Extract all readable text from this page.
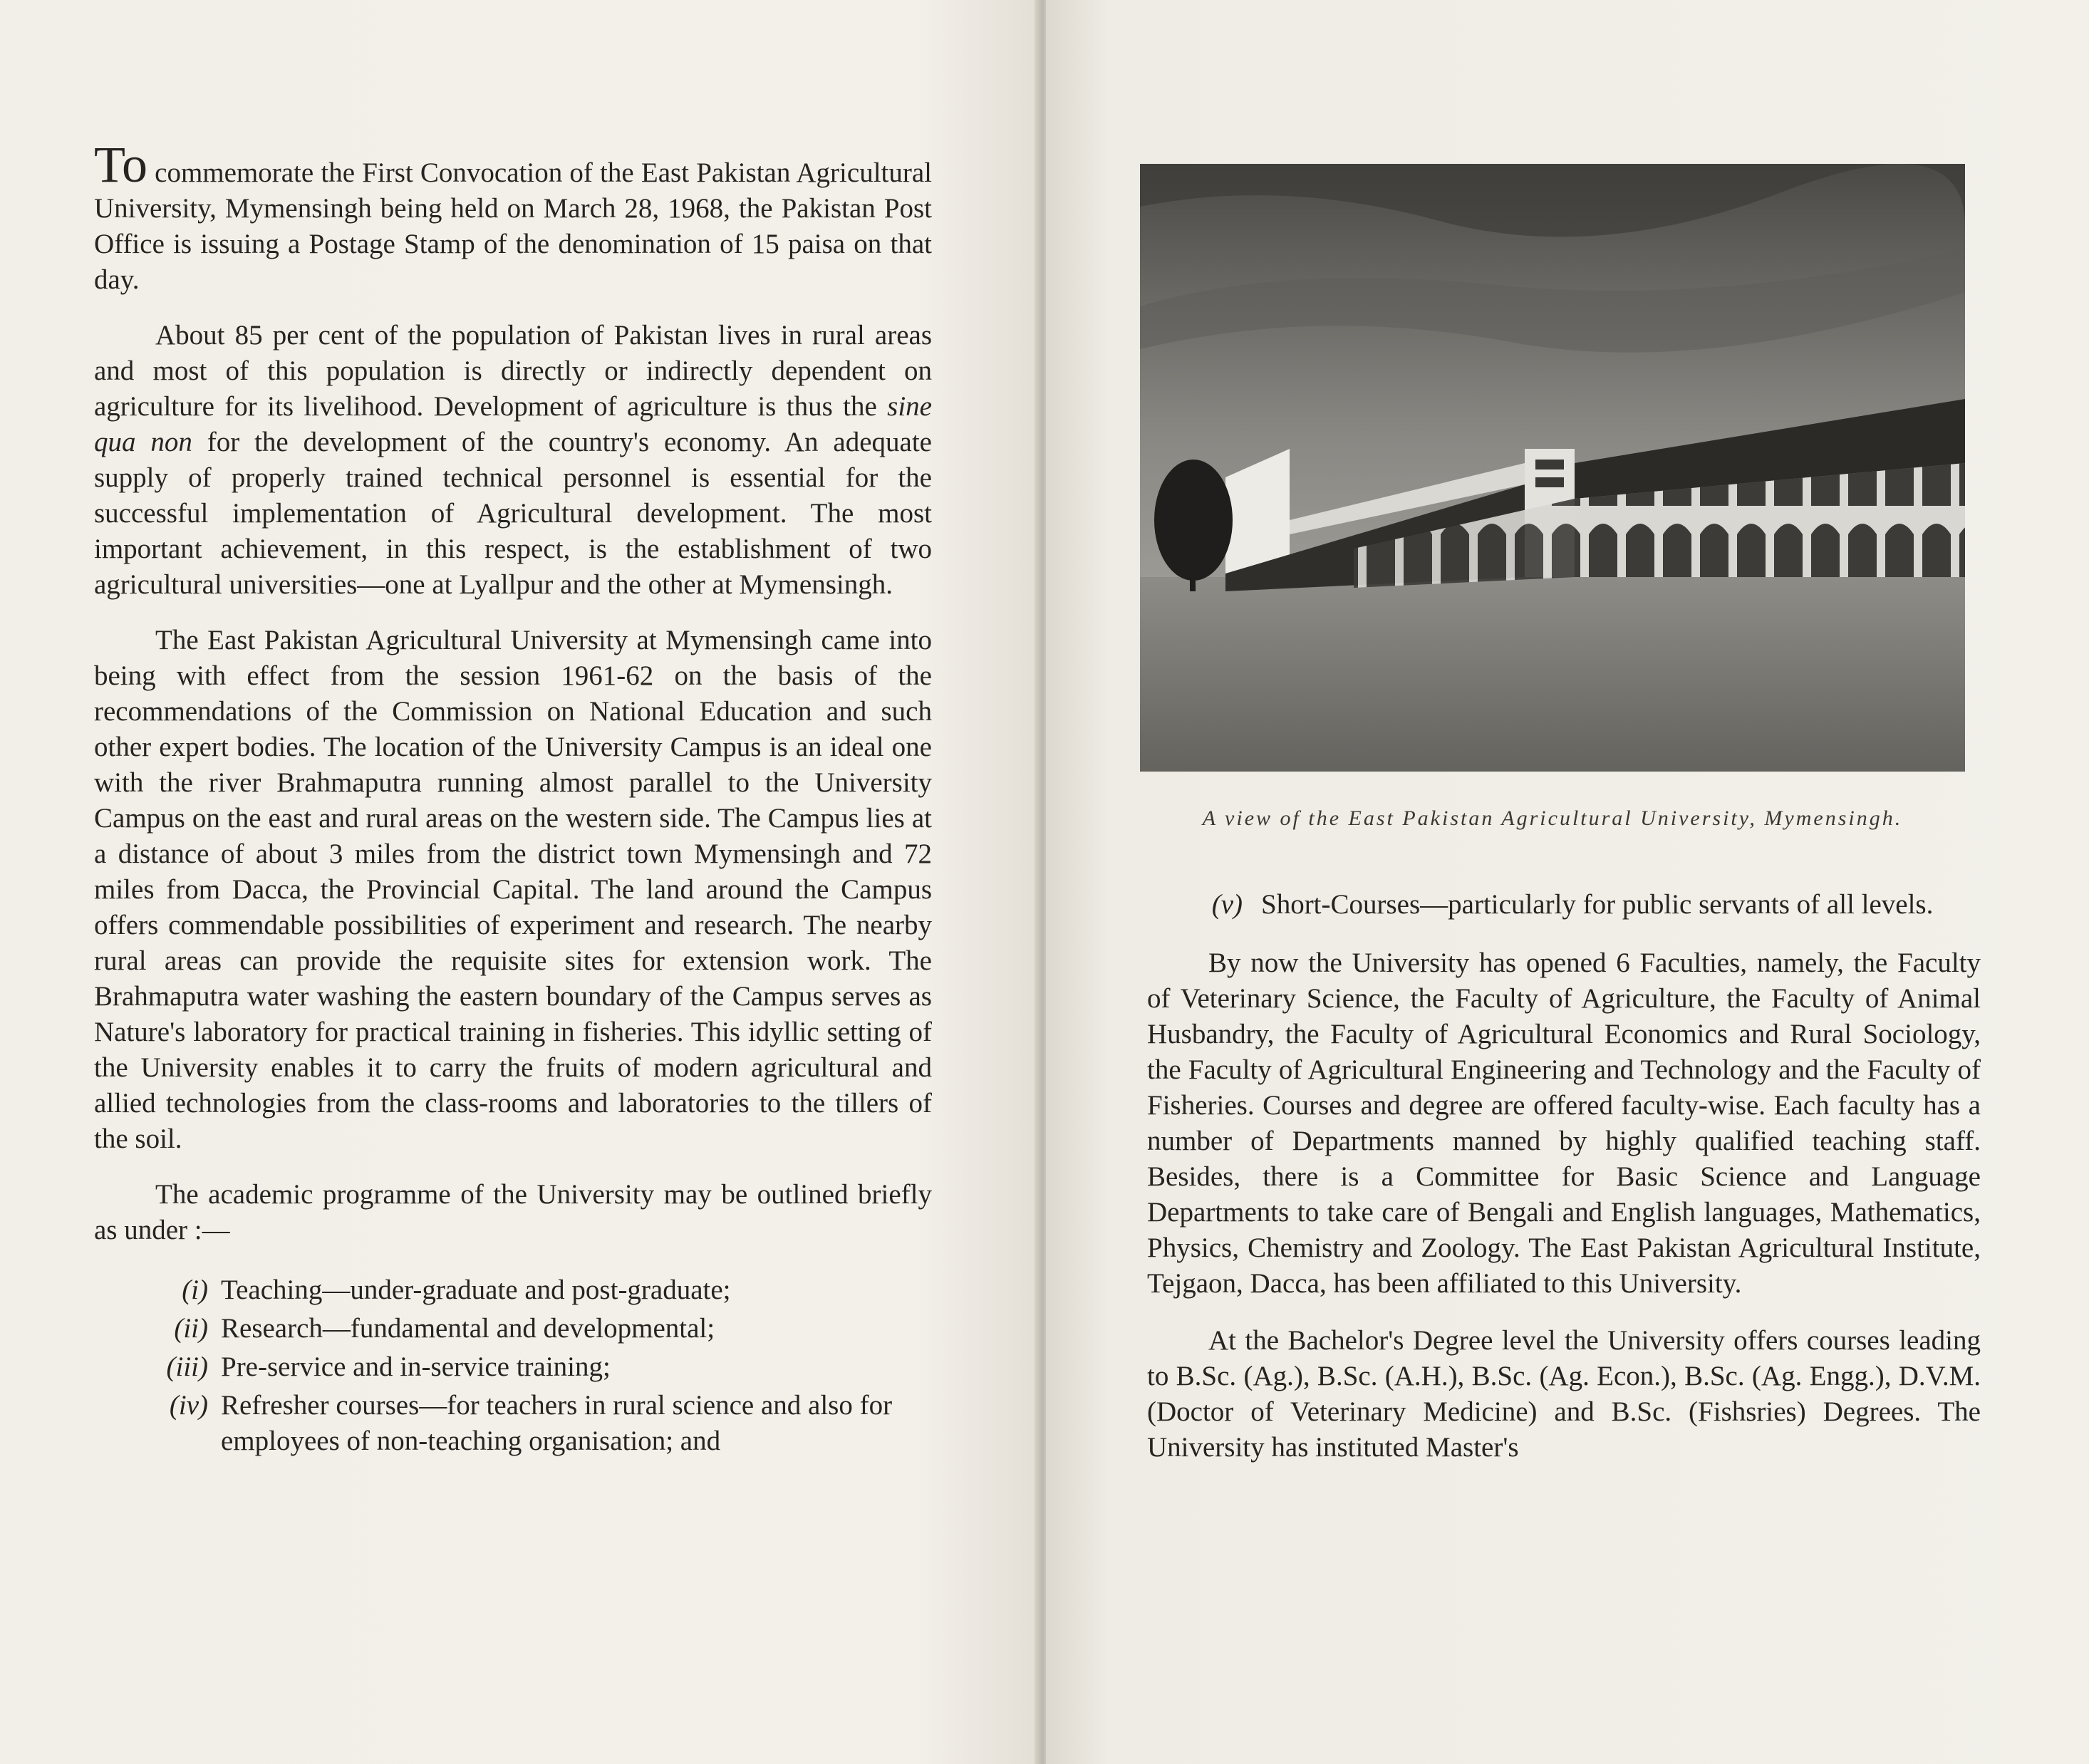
To commemorate the First Convocation of the East Pakistan Agricultural University, Mymensingh being held on March 28, 1968, the Pakistan Post Office is issuing a Postage Stamp of the denomination of 15 paisa on that day.

About 85 per cent of the population of Pakistan lives in rural areas and most of this population is directly or indirectly dependent on agriculture for its livelihood. Development of agriculture is thus the sine qua non for the development of the country's economy. An adequate supply of properly trained technical personnel is essential for the successful implementation of Agricultural development. The most important achievement, in this respect, is the establishment of two agricultural universities—one at Lyallpur and the other at Mymensingh.

The East Pakistan Agricultural University at Mymensingh came into being with effect from the session 1961-62 on the basis of the recommendations of the Commission on National Education and such other expert bodies. The location of the University Campus is an ideal one with the river Brahmaputra running almost parallel to the University Campus on the east and rural areas on the western side. The Campus lies at a distance of about 3 miles from the district town Mymensingh and 72 miles from Dacca, the Provincial Capital. The land around the Campus offers commendable possibilities of experiment and research. The nearby rural areas can provide the requisite sites for extension work. The Brahmaputra water washing the eastern boundary of the Campus serves as Nature's laboratory for practical training in fisheries. This idyllic setting of the University enables it to carry the fruits of modern agricultural and allied technologies from the class-rooms and laboratories to the tillers of the soil.

The academic programme of the University may be outlined briefly as under :—

(i) Teaching—under-graduate and post-graduate;
(ii) Research—fundamental and developmental;
(iii) Pre-service and in-service training;
(iv) Refresher courses—for teachers in rural science and also for employees of non-teaching organisation; and
A view of the East Pakistan Agricultural University, Mymensingh.

(v) Short-Courses—particularly for public servants of all levels.

By now the University has opened 6 Faculties, namely, the Faculty of Veterinary Science, the Faculty of Agriculture, the Faculty of Animal Husbandry, the Faculty of Agricultural Economics and Rural Sociology, the Faculty of Agricultural Engineering and Technology and the Faculty of Fisheries. Courses and degree are offered faculty-wise. Each faculty has a number of Departments manned by highly qualified teaching staff. Besides, there is a Committee for Basic Science and Language Departments to take care of Bengali and English languages, Mathematics, Physics, Chemistry and Zoology. The East Pakistan Agricultural Institute, Tejgaon, Dacca, has been affiliated to this University.

At the Bachelor's Degree level the University offers courses leading to B.Sc. (Ag.), B.Sc. (A.H.), B.Sc. (Ag. Econ.), B.Sc. (Ag. Engg.), D.V.M. (Doctor of Veterinary Medicine) and B.Sc. (Fishsries) Degrees. The University has instituted Master's
